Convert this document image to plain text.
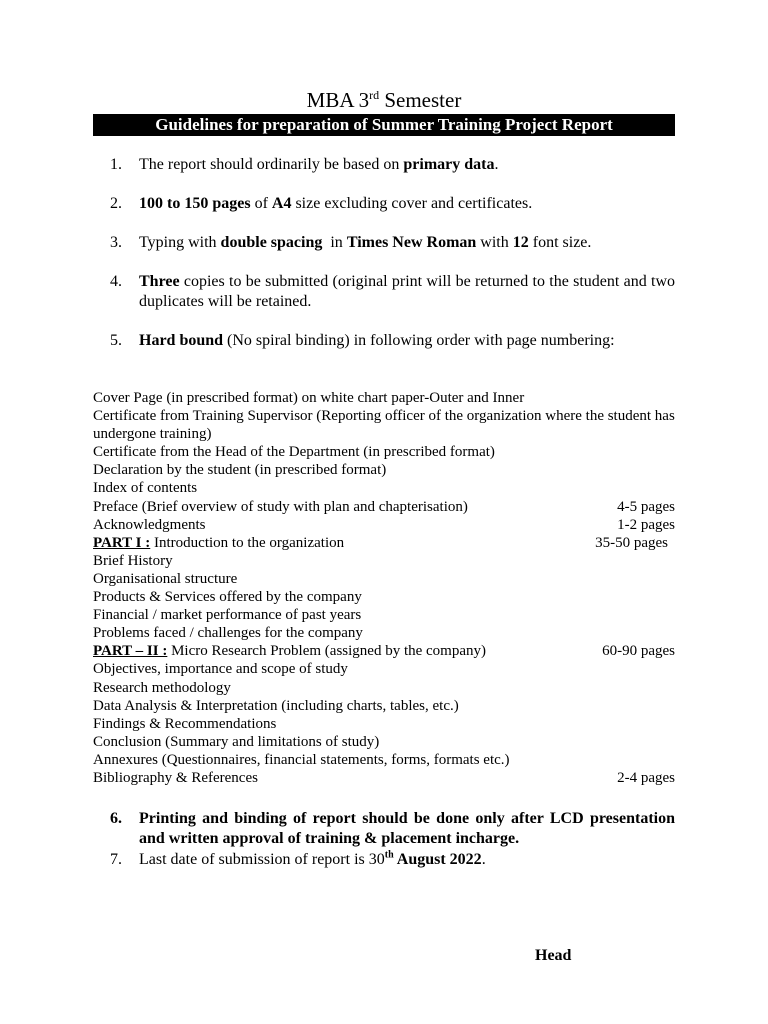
MBA 3rd Semester
Guidelines for preparation of Summer Training Project Report
1.	The report should ordinarily be based on primary data.
2.	100 to 150 pages of A4 size excluding cover and certificates.
3.	Typing with double spacing  in Times New Roman with 12 font size.
4.	Three copies to be submitted (original print will be returned to the student and two duplicates will be retained.
5.	Hard bound (No spiral binding) in following order with page numbering:
Cover Page (in prescribed format) on white chart paper-Outer and Inner
Certificate from Training Supervisor (Reporting officer of the organization where the student has undergone training)
Certificate from the Head of the Department (in prescribed format)
Declaration by the student (in prescribed format)
Index of contents
Preface (Brief overview of study with plan and chapterisation)	4-5 pages
Acknowledgments	1-2 pages
PART I : Introduction to the organization	35-50 pages
Brief History
Organisational structure
Products & Services offered by the company
Financial / market performance of past years
Problems faced / challenges for the company
PART – II : Micro Research Problem (assigned by the company)	60-90 pages
Objectives, importance and scope of study
Research methodology
Data Analysis & Interpretation (including charts, tables, etc.)
Findings & Recommendations
Conclusion (Summary and limitations of study)
Annexures (Questionnaires, financial statements, forms, formats etc.)
Bibliography & References	2-4 pages
6.	Printing and binding of report should be done only after LCD presentation and written approval of training & placement incharge.
7.	Last date of submission of report is 30th August 2022.
Head
